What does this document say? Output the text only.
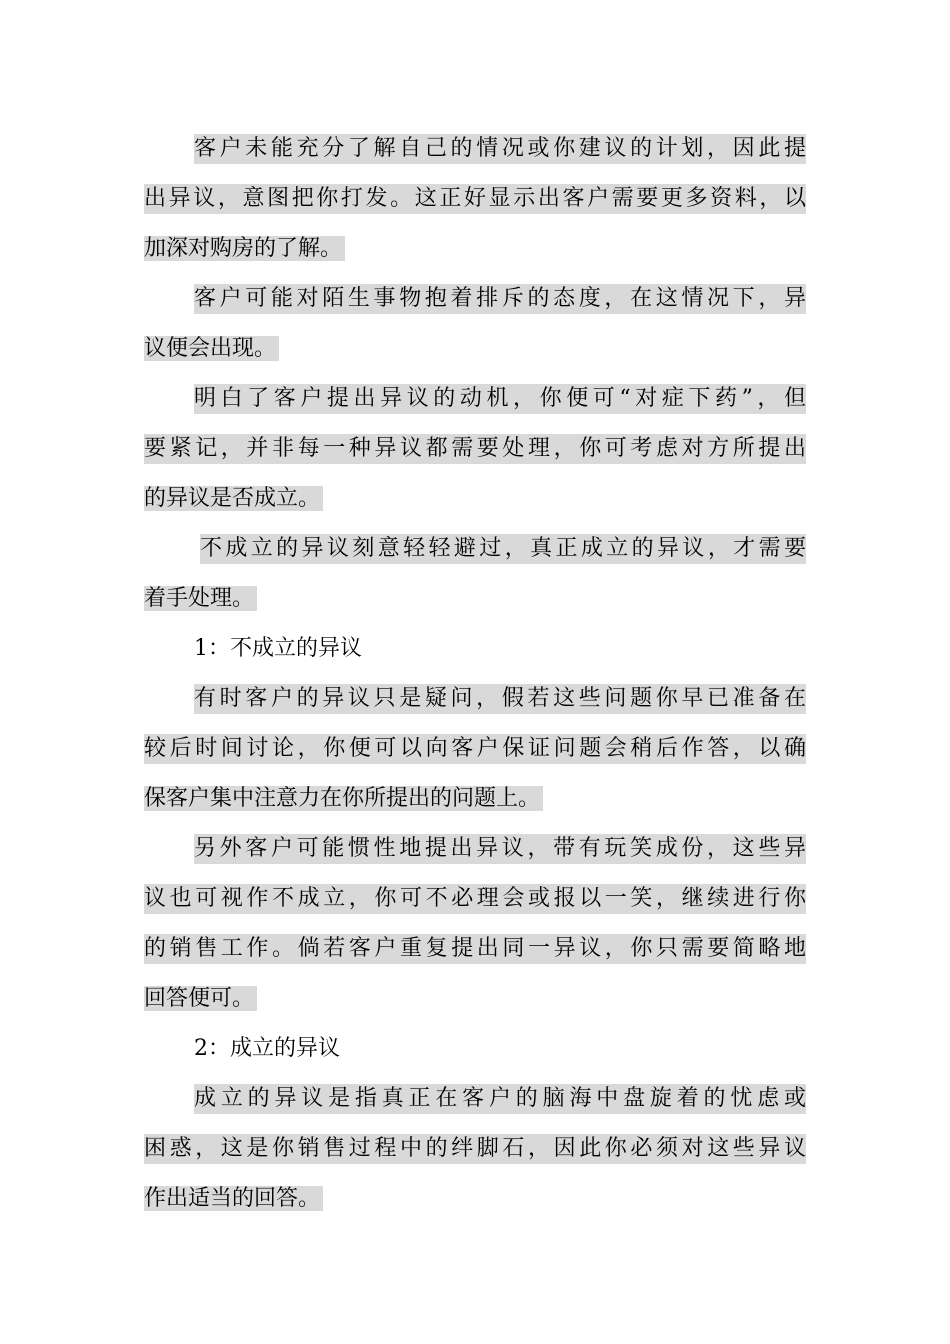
客户未能充分了解自己的情况或你建议的计划，因此提
出异议，意图把你打发。这正好显示出客户需要更多资料，以
加深对购房的了解。
客户可能对陌生事物抱着排斥的态度，在这情况下，异
议便会出现。
明白了客户提出异议的动机，你便可“对症下药”，但
要紧记，并非每一种异议都需要处理，你可考虑对方所提出
的异议是否成立。
不成立的异议刻意轻轻避过，真正成立的异议，才需要
着手处理。
1：不成立的异议
有时客户的异议只是疑问，假若这些问题你早已准备在
较后时间讨论，你便可以向客户保证问题会稍后作答，以确
保客户集中注意力在你所提出的问题上。
另外客户可能惯性地提出异议，带有玩笑成份，这些异
议也可视作不成立，你可不必理会或报以一笑，继续进行你
的销售工作。倘若客户重复提出同一异议，你只需要简略地
回答便可。
2：成立的异议
成立的异议是指真正在客户的脑海中盘旋着的忧虑或
困惑，这是你销售过程中的绊脚石，因此你必须对这些异议
作出适当的回答。
